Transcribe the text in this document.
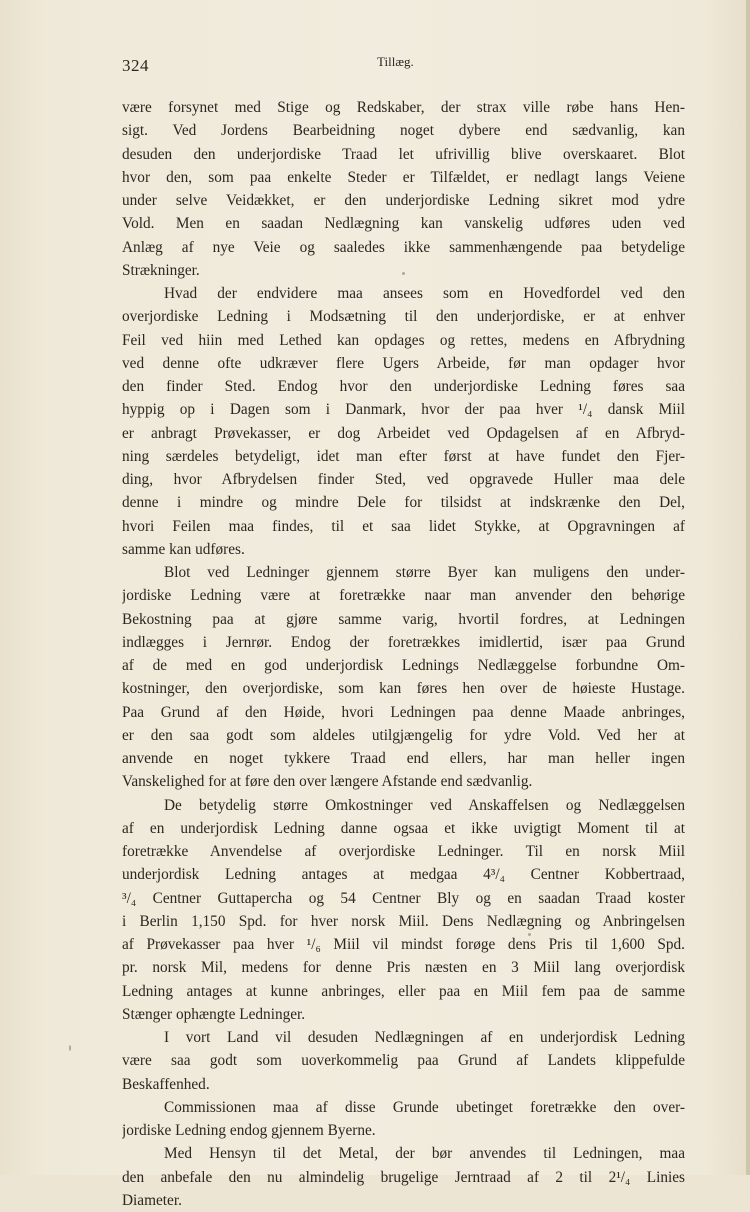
324	Tillæg.
være forsynet med Stige og Redskaber, der strax ville røbe hans Hen-
sigt. Ved Jordens Bearbeidning noget dybere end sædvanlig, kan
desuden den underjordiske Traad let ufrivillig blive overskaaret. Blot
hvor den, som paa enkelte Steder er Tilfældet, er nedlagt langs Veiene
under selve Veidækket, er den underjordiske Ledning sikret mod ydre
Vold. Men en saadan Nedlægning kan vanskelig udføres uden ved
Anlæg af nye Veie og saaledes ikke sammenhængende paa betydelige
Strækninger.
Hvad der endvidere maa ansees som en Hovedfordel ved den
overjordiske Ledning i Modsætning til den underjordiske, er at enhver
Feil ved hiin med Lethed kan opdages og rettes, medens en Afbrydning
ved denne ofte udkræver flere Ugers Arbeide, før man opdager hvor
den finder Sted. Endog hvor den underjordiske Ledning føres saa
hyppig op i Dagen som i Danmark, hvor der paa hver ¹/₄ dansk Miil
er anbragt Prøvekasser, er dog Arbeidet ved Opdagelsen af en Afbryd-
ning særdeles betydeligt, idet man efter først at have fundet den Fjer-
ding, hvor Afbrydelsen finder Sted, ved opgravede Huller maa dele
denne i mindre og mindre Dele for tilsidst at indskrænke den Del,
hvori Feilen maa findes, til et saa lidet Stykke, at Opgravningen af
samme kan udføres.
Blot ved Ledninger gjennem større Byer kan muligens den under-
jordiske Ledning være at foretrække naar man anvender den behørige
Bekostning paa at gjøre samme varig, hvortil fordres, at Ledningen
indlægges i Jernrør. Endog der foretrækkes imidlertid, især paa Grund
af de med en god underjordisk Lednings Nedlæggelse forbundne Om-
kostninger, den overjordiske, som kan føres hen over de høieste Hustage.
Paa Grund af den Høide, hvori Ledningen paa denne Maade anbringes,
er den saa godt som aldeles utilgjængelig for ydre Vold. Ved her at
anvende en noget tykkere Traad end ellers, har man heller ingen
Vanskelighed for at føre den over længere Afstande end sædvanlig.
De betydelig større Omkostninger ved Anskaffelsen og Nedlæggelsen
af en underjordisk Ledning danne ogsaa et ikke uvigtigt Moment til at
foretrække Anvendelse af overjordiske Ledninger. Til en norsk Miil
underjordisk Ledning antages at medgaa 4³/₄ Centner Kobbertraad,
³/₄ Centner Guttapercha og 54 Centner Bly og en saadan Traad koster
i Berlin 1,150 Spd. for hver norsk Miil. Dens Nedlægning og Anbringelsen
af Prøvekasser paa hver ¹/₆ Miil vil mindst forøge dens Pris til 1,600 Spd.
pr. norsk Mil, medens for denne Pris næsten en 3 Miil lang overjordisk
Ledning antages at kunne anbringes, eller paa en Miil fem paa de samme
Stænger ophængte Ledninger.
I vort Land vil desuden Nedlægningen af en underjordisk Ledning
være saa godt som uoverkommelig paa Grund af Landets klippefulde
Beskaffenhed.
Commissionen maa af disse Grunde ubetinget foretrække den over-
jordiske Ledning endog gjennem Byerne.
Med Hensyn til det Metal, der bør anvendes til Ledningen, maa
den anbefale den nu almindelig brugelige Jerntraad af 2 til 2¹/₄ Linies
Diameter.
